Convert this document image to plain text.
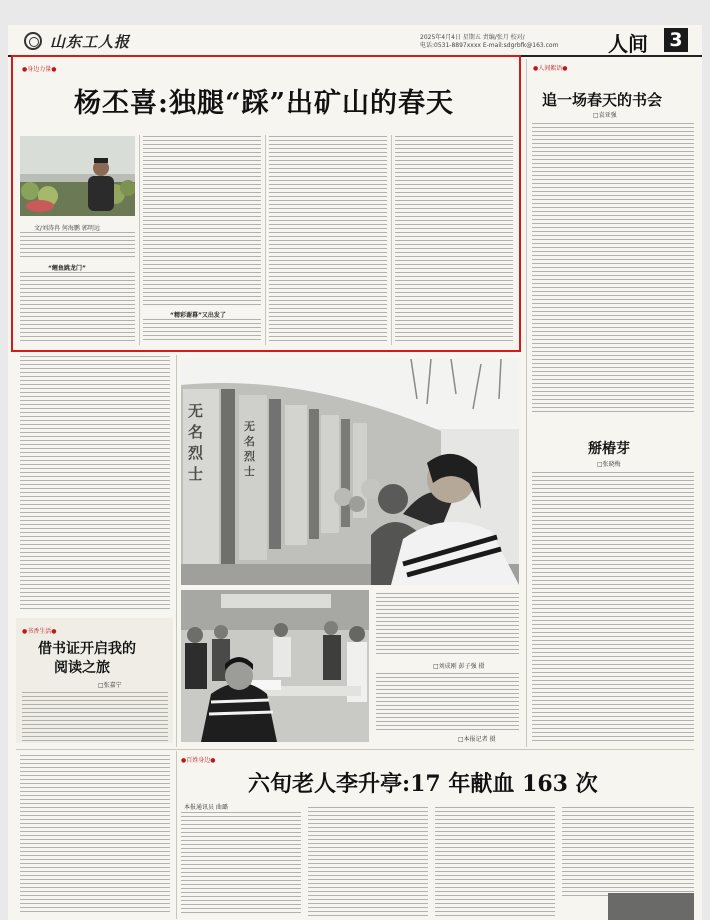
山东工人报	2025年4月4日 星期五 责编/张月 校对/
电话:0531-8897xxxx E-mail:sdgrbfk@163.com 人间 3
●身边力量●
杨丕喜:独腿“踩”出矿山的春天
文/刘涛冉 何海鹏 郭明远
“鲤鱼跳龙门”
“精彩谢幕”又出发了
●人间絮语●
追一场春天的书会
□袁亚强
掰椿芽
□张晓梅
●书香生活●
借书证开启我的
阅读之旅
□张嘉宁
无名烈士
无名烈士
□刘成刚 彭子强 摄
□本报记者 摄
●百姓身边●
六旬老人李升亭:17 年献血 163 次
本报通讯员 曲璐
